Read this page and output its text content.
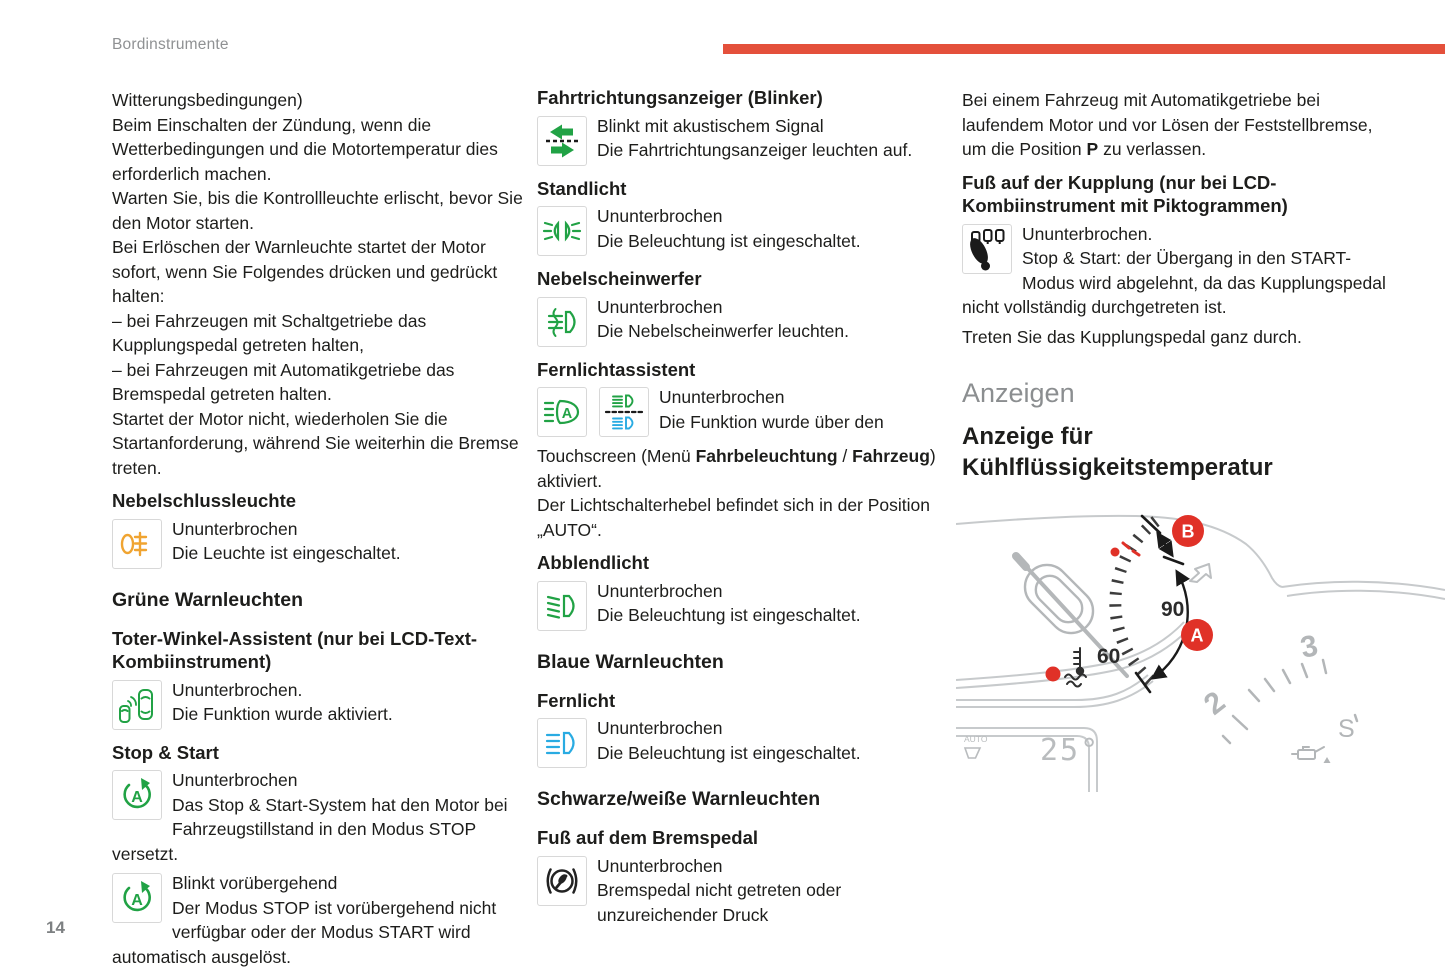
Bordinstrumente
14

Witterungsbedingungen)

Beim Einschalten der Zündung, wenn die Wetterbedingungen und die Motortemperatur dies erforderlich machen.

Warten Sie, bis die Kontrollleuchte erlischt, bevor Sie den Motor starten.

Bei Erlöschen der Warnleuchte startet der Motor sofort, wenn Sie Folgendes drücken und gedrückt halten:

– bei Fahrzeugen mit Schaltgetriebe das Kupplungspedal getreten halten,

– bei Fahrzeugen mit Automatikgetriebe das Bremspedal getreten halten.

Startet der Motor nicht, wiederholen Sie die Startanforderung, während Sie weiterhin die Bremse treten.

Nebelschlussleuchte

Ununterbrochen
Die Leuchte ist eingeschaltet.

Grüne Warnleuchten
Toter-Winkel-Assistent (nur bei LCD-Text-Kombiinstrument)

Ununterbrochen.
Die Funktion wurde aktiviert.

Stop & Start
A

Ununterbrochen
Das Stop & Start-System hat den Motor bei Fahrzeugstillstand in den Modus STOP versetzt.

A

Blinkt vorübergehend
Der Modus STOP ist vorübergehend nicht verfügbar oder der Modus START wird automatisch ausgelöst.

Fahrtrichtungsanzeiger (Blinker)

Blinkt mit akustischem Signal
Die Fahrtrichtungsanzeiger leuchten auf.

Standlicht

Ununterbrochen
Die Beleuchtung ist eingeschaltet.

Nebelscheinwerfer

Ununterbrochen
Die Nebelscheinwerfer leuchten.

Fernlichtassistent
A

Ununterbrochen
Die Funktion wurde über den

Touchscreen (Menü Fahrbeleuchtung / Fahrzeug) aktiviert.

Der Lichtschalterhebel befindet sich in der Position „AUTO“.

Abblendlicht

Ununterbrochen
Die Beleuchtung ist eingeschaltet.

Blaue Warnleuchten
Fernlicht

Ununterbrochen
Die Beleuchtung ist eingeschaltet.

Schwarze/weiße Warnleuchten
Fuß auf dem Bremspedal

Ununterbrochen
Bremspedal nicht getreten oder unzureichender Druck

Bei einem Fahrzeug mit Automatikgetriebe bei laufendem Motor und vor Lösen der Feststellbremse, um die Position P zu verlassen.

Fuß auf der Kupplung (nur bei LCD-Kombiinstrument mit Piktogrammen)

Ununterbrochen.
Stop & Start: der Übergang in den START-Modus wird abgelehnt, da das Kupplungspedal nicht vollständig durchgetreten ist.

Treten Sie das Kupplungspedal ganz durch.

Anzeigen
Anzeige für Kühlflüssigkeitstemperatur
90
60
B
A
2
3
S
25°
AUTO
